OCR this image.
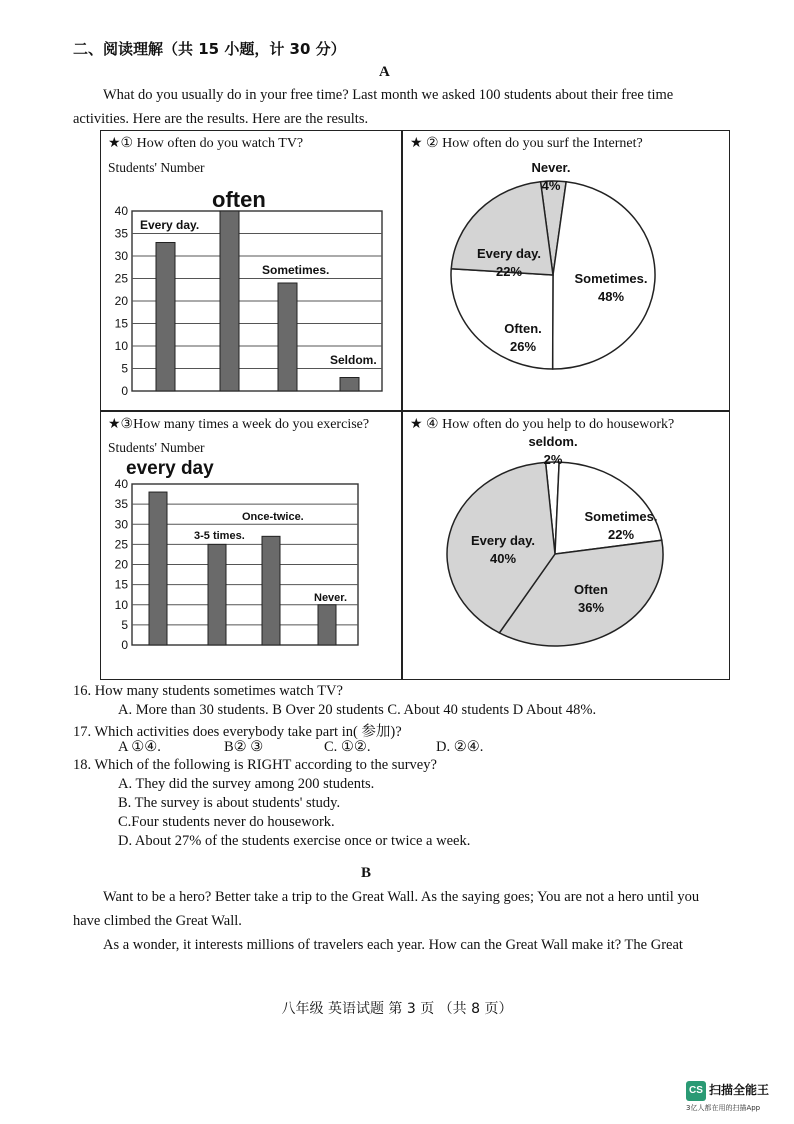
二、阅读理解（共 15 小题，计 30 分）
A
What do you usually do in your free time? Last month we asked 100 students about their free time
activities. Here are the results. Here are the results.
★① How often do you watch TV?
Students' Number
★ ② How often do you surf the Internet?
★③How many times a week do you exercise?
Students' Number
★ ④ How often do you help to do housework?
0
5
10
15
20
25
30
35
40
Every day.
often
Sometimes.
Seldom.
Never.
4%
Sometimes.
48%
Often.
26%
Every day.
22%
0
5
10
15
20
25
30
35
40
every day
3-5 times.
Once-twice.
Never.
seldom.
2%
Sometimes.
22%
Often
36%
Every day.
40%
16. How many students sometimes watch TV?
A. More than 30 students. B Over 20 students C. About 40 students D About 48%.
17. Which activities does everybody take part in( 参加)?
A ①④.	B② ③	C. ①②.	D. ②④.
18. Which of the following is RIGHT according to the survey?
A. They did the survey among 200 students.
B. The survey is about students' study.
C.Four students never do housework.
D. About 27% of the students exercise once or twice a week.
B
Want to be a hero? Better take a trip to the Great Wall. As the saying goes; You are not a hero until you
have climbed the Great Wall.
As a wonder, it interests millions of travelers each year. How can the Great Wall make it? The Great
八年级 英语试题 第 3 页 （共 8 页）
CS $^{扫描全能王}$
3亿人都在用的扫描App
